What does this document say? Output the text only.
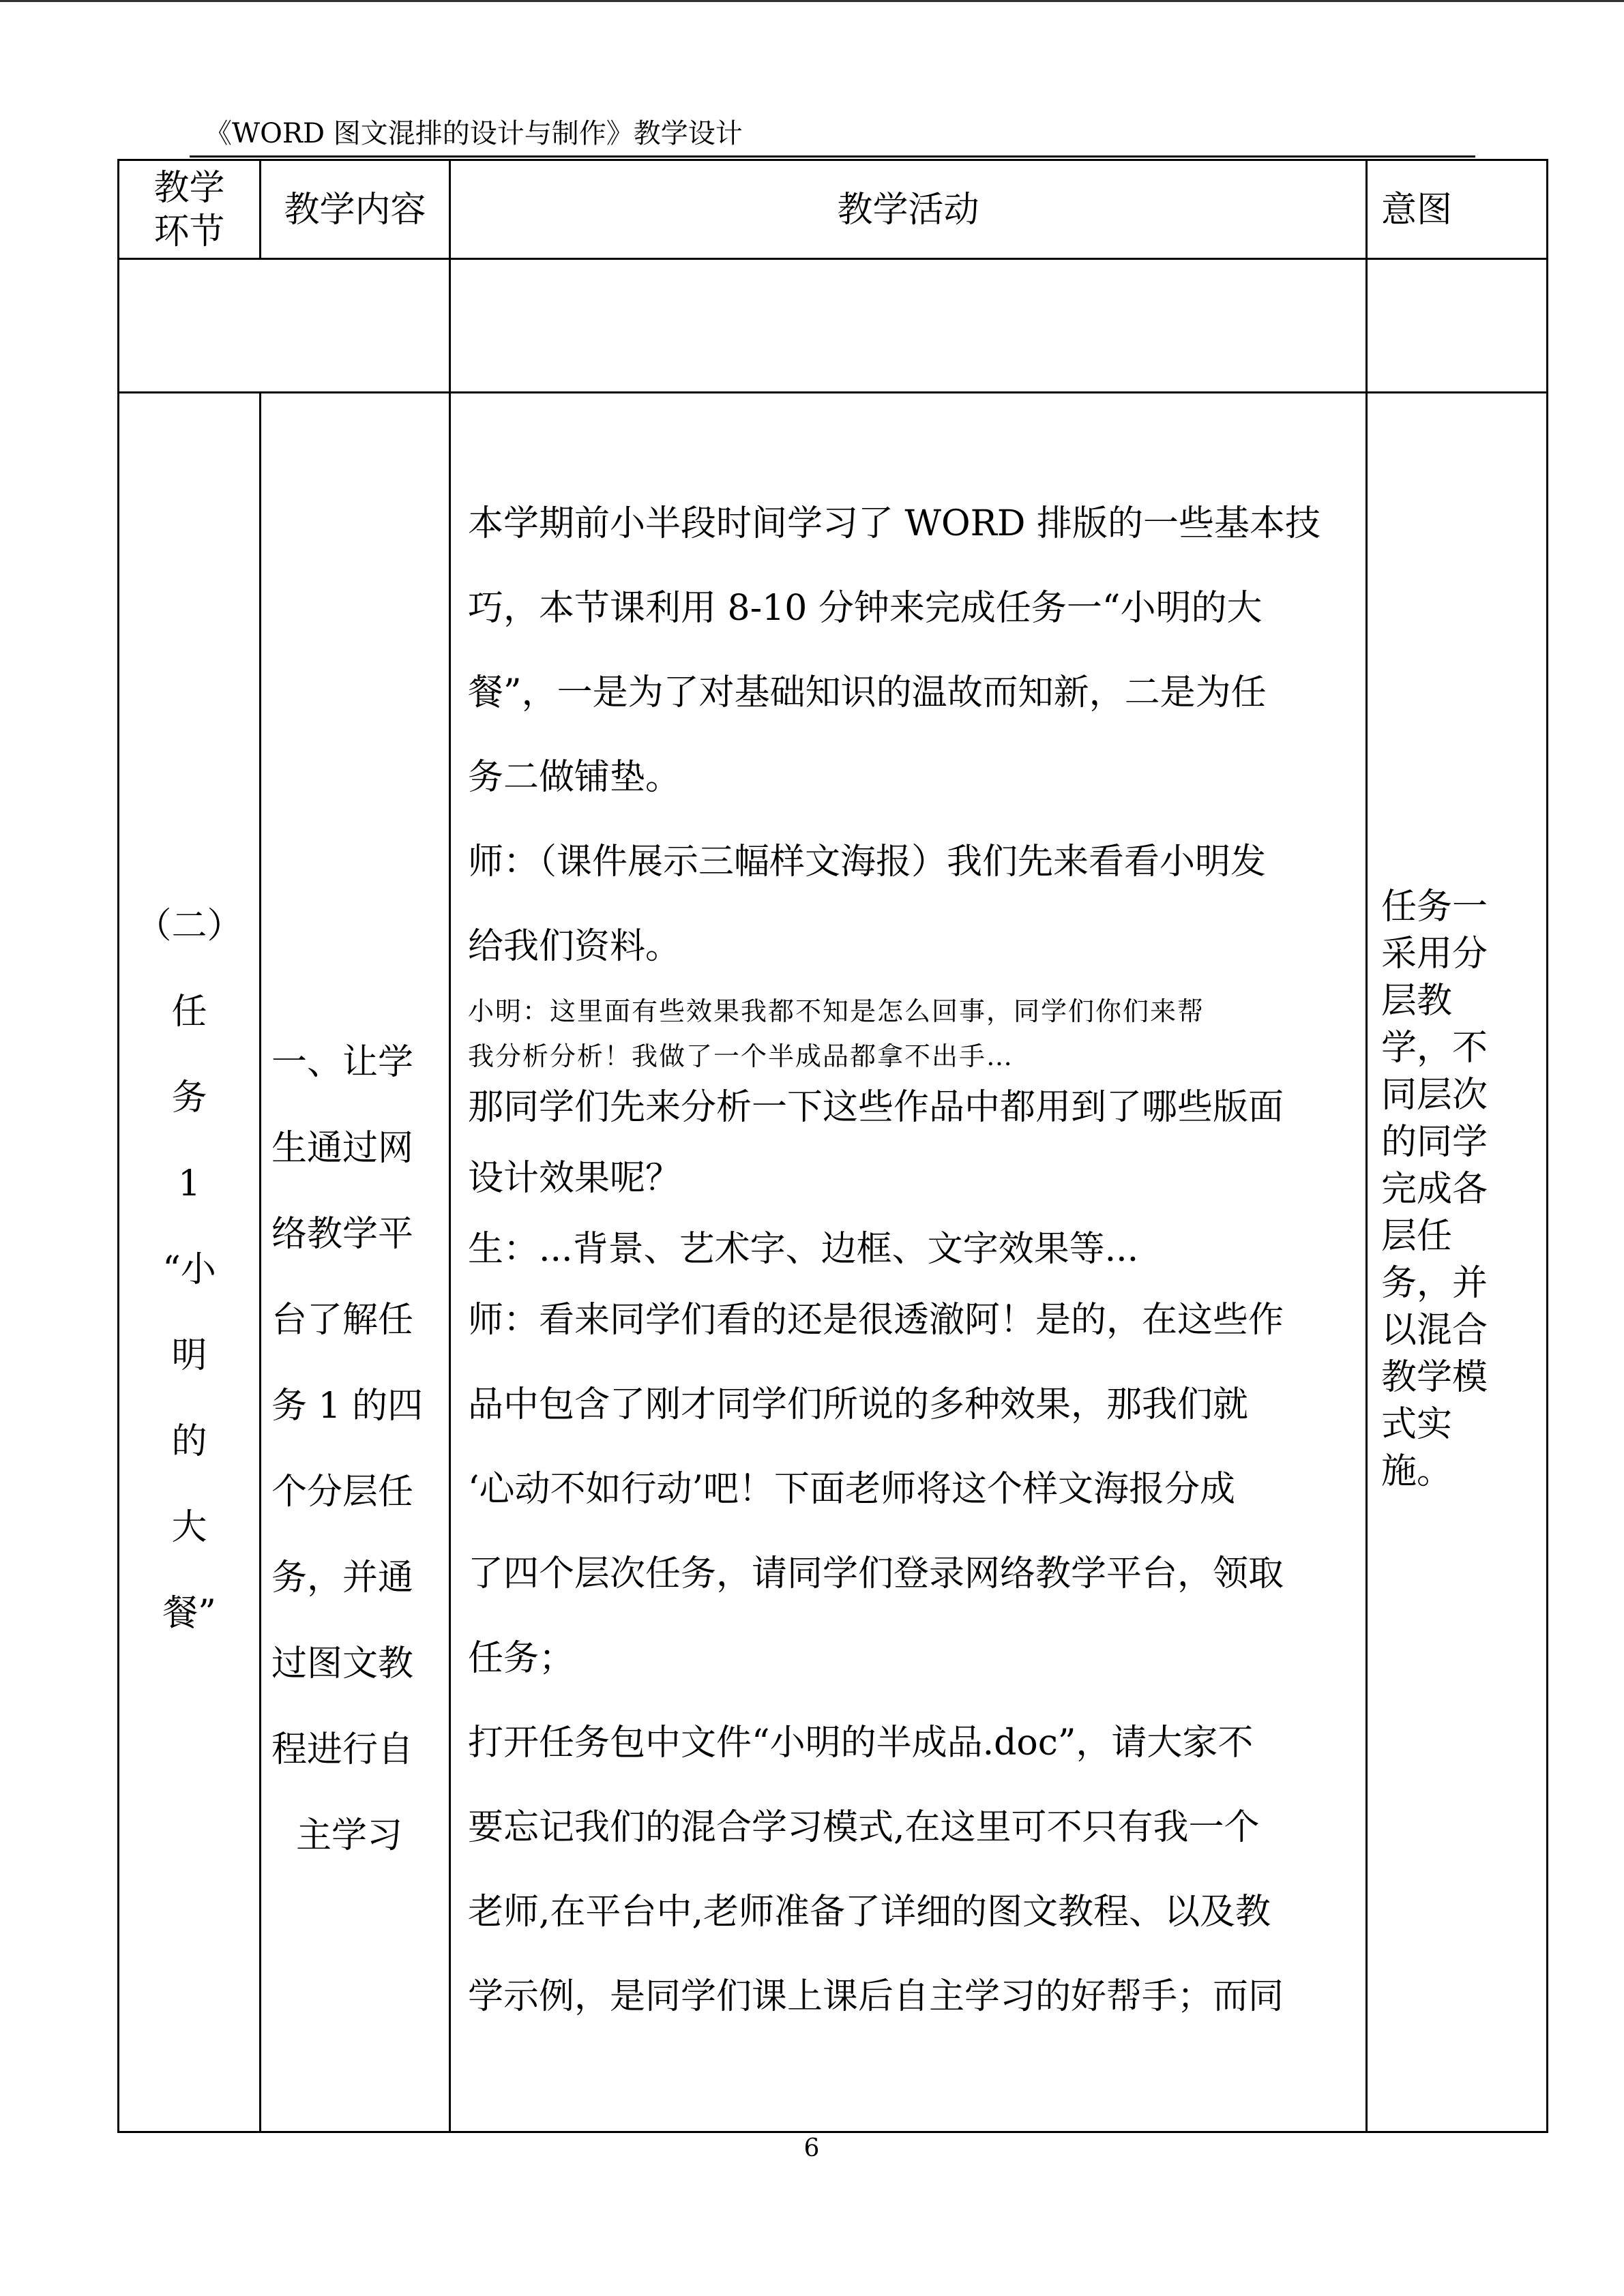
《WORD 图文混排的设计与制作》教学设计
教学
环节
教学内容	教学活动	意图
（二）
任
务
1
“小
明
的
大
餐”
一、让学
生通过网
络教学平
台了解任
务 1 的四
个分层任
务，并通
过图文教
程进行自
主学习

本学期前小半段时间学习了 WORD 排版的一些基本技

巧，本节课利用 8-10 分钟来完成任务一“小明的大

餐”，一是为了对基础知识的温故而知新，二是为任

务二做铺垫。

师：（课件展示三幅样文海报）我们先来看看小明发

给我们资料。

小明：这里面有些效果我都不知是怎么回事，同学们你们来帮

我分析分析！我做了一个半成品都拿不出手…

那同学们先来分析一下这些作品中都用到了哪些版面

设计效果呢？

生：...背景、艺术字、边框、文字效果等...

师：看来同学们看的还是很透澈阿！是的，在这些作

品中包含了刚才同学们所说的多种效果，那我们就

‘心动不如行动’吧！下面老师将这个样文海报分成

了四个层次任务，请同学们登录网络教学平台，领取

任务；

打开任务包中文件“小明的半成品.doc”，请大家不

要忘记我们的混合学习模式,在这里可不只有我一个

老师,在平台中,老师准备了详细的图文教程、以及教

学示例，是同学们课上课后自主学习的好帮手；而同

任务一
采用分
层教
学，不
同层次
的同学
完成各
层任
务，并
以混合
教学模
式实
施。
6
